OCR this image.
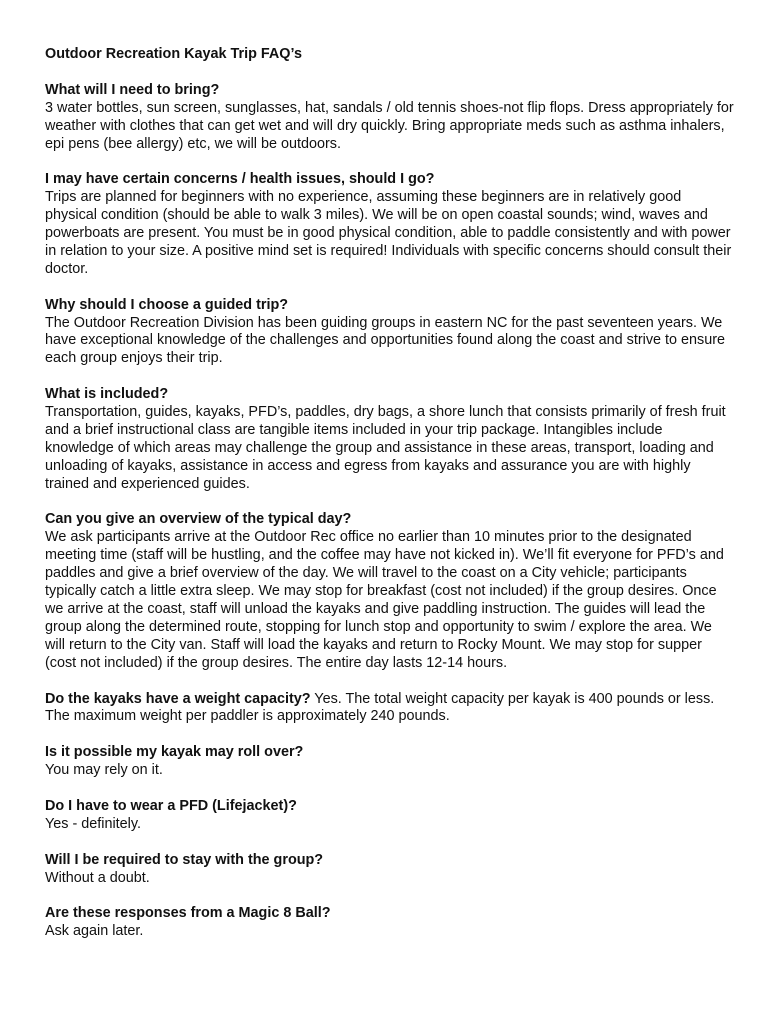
Outdoor Recreation Kayak Trip FAQ’s
What will I need to bring?
3 water bottles, sun screen, sunglasses, hat, sandals / old tennis shoes-not flip flops. Dress appropriately for weather with clothes that can get wet and will dry quickly. Bring appropriate meds such as asthma inhalers, epi pens (bee allergy) etc, we will be outdoors.
I may have certain concerns / health issues, should I go?
Trips are planned for beginners with no experience, assuming these beginners are in relatively good physical condition (should be able to walk 3 miles). We will be on open coastal sounds; wind, waves and powerboats are present. You must be in good physical condition, able to paddle consistently and with power in relation to your size. A positive mind set is required! Individuals with specific concerns should consult their doctor.
Why should I choose a guided trip?
The Outdoor Recreation Division has been guiding groups in eastern NC for the past seventeen years. We have exceptional knowledge of the challenges and opportunities found along the coast and strive to ensure each group enjoys their trip.
What is included?
Transportation, guides, kayaks, PFD’s, paddles, dry bags, a shore lunch that consists primarily of fresh fruit and a brief instructional class are tangible items included in your trip package. Intangibles include knowledge of which areas may challenge the group and assistance in these areas, transport, loading and unloading of kayaks, assistance in access and egress from kayaks and assurance you are with highly trained and experienced guides.
Can you give an overview of the typical day?
We ask participants arrive at the Outdoor Rec office no earlier than 10 minutes prior to the designated meeting time (staff will be hustling, and the coffee may have not kicked in). We’ll fit everyone for PFD’s and paddles and give a brief overview of the day. We will travel to the coast on a City vehicle; participants typically catch a little extra sleep. We may stop for breakfast (cost not included) if the group desires. Once we arrive at the coast, staff will unload the kayaks and give paddling instruction. The guides will lead the group along the determined route, stopping for lunch stop and opportunity to swim / explore the area. We will return to the City van. Staff will load the kayaks and return to Rocky Mount. We may stop for supper (cost not included) if the group desires. The entire day lasts 12-14 hours.
Do the kayaks have a weight capacity? Yes. The total weight capacity per kayak is 400 pounds or less. The maximum weight per paddler is approximately 240 pounds.
Is it possible my kayak may roll over?
You may rely on it.
Do I have to wear a PFD (Lifejacket)?
Yes - definitely.
Will I be required to stay with the group?
Without a doubt.
Are these responses from a Magic 8 Ball?
Ask again later.
